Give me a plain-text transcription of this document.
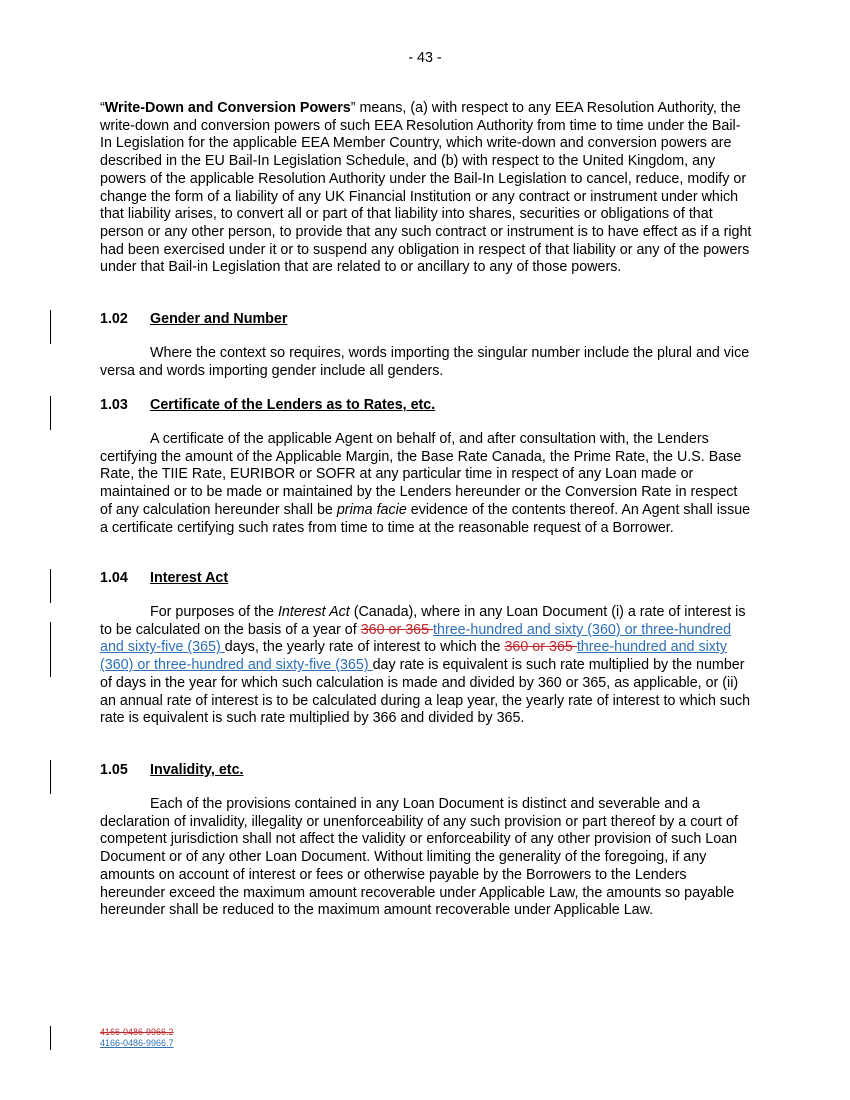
- 43 -

“Write-Down and Conversion Powers” means, (a) with respect to any EEA Resolution Authority, the write-down and conversion powers of such EEA Resolution Authority from time to time under the Bail-In Legislation for the applicable EEA Member Country, which write-down and conversion powers are described in the EU Bail-In Legislation Schedule, and (b) with respect to the United Kingdom, any powers of the applicable Resolution Authority under the Bail-In Legislation to cancel, reduce, modify or change the form of a liability of any UK Financial Institution or any contract or instrument under which that liability arises, to convert all or part of that liability into shares, securities or obligations of that person or any other person, to provide that any such contract or instrument is to have effect as if a right had been exercised under it or to suspend any obligation in respect of that liability or any of the powers under that Bail-in Legislation that are related to or ancillary to any of those powers.

1.02 Gender and Number

Where the context so requires, words importing the singular number include the plural and vice versa and words importing gender include all genders.

1.03 Certificate of the Lenders as to Rates, etc.

A certificate of the applicable Agent on behalf of, and after consultation with, the Lenders certifying the amount of the Applicable Margin, the Base Rate Canada, the Prime Rate, the U.S. Base Rate, the TIIE Rate, EURIBOR or SOFR at any particular time in respect of any Loan made or maintained or to be made or maintained by the Lenders hereunder or the Conversion Rate in respect of any calculation hereunder shall be prima facie evidence of the contents thereof. An Agent shall issue a certificate certifying such rates from time to time at the reasonable request of a Borrower.

1.04 Interest Act

For purposes of the Interest Act (Canada), where in any Loan Document (i) a rate of interest is to be calculated on the basis of a year of 360 or 365 three-hundred and sixty (360) or three-hundred and sixty-five (365) days, the yearly rate of interest to which the 360 or 365 three-hundred and sixty (360) or three-hundred and sixty-five (365) day rate is equivalent is such rate multiplied by the number of days in the year for which such calculation is made and divided by 360 or 365, as applicable, or (ii) an annual rate of interest is to be calculated during a leap year, the yearly rate of interest to which such rate is equivalent is such rate multiplied by 366 and divided by 365.

1.05 Invalidity, etc.

Each of the provisions contained in any Loan Document is distinct and severable and a declaration of invalidity, illegality or unenforceability of any such provision or part thereof by a court of competent jurisdiction shall not affect the validity or enforceability of any other provision of such Loan Document or of any other Loan Document. Without limiting the generality of the foregoing, if any amounts on account of interest or fees or otherwise payable by the Borrowers to the Lenders hereunder exceed the maximum amount recoverable under Applicable Law, the amounts so payable hereunder shall be reduced to the maximum amount recoverable under Applicable Law.

4166-0486-9966.2
4166-0486-9966.7
